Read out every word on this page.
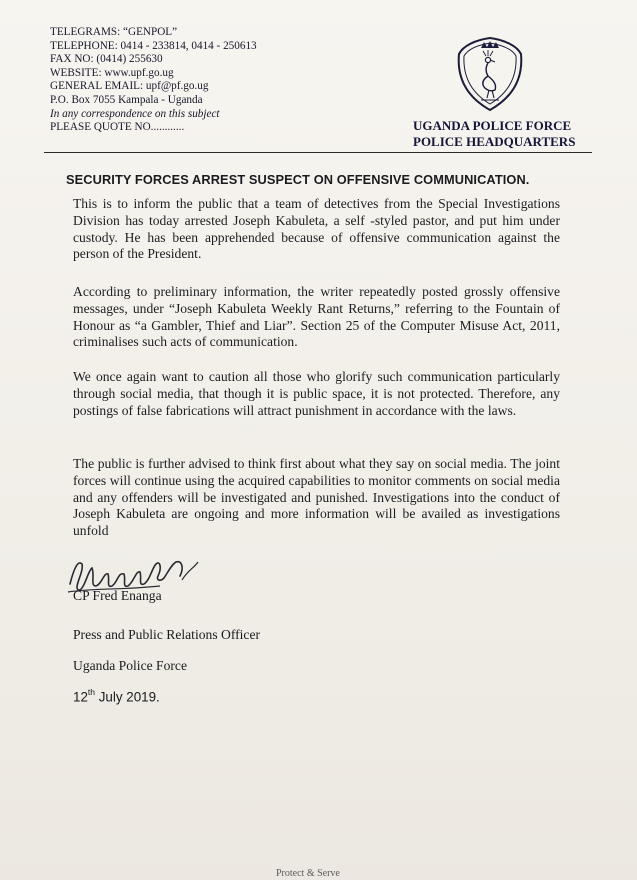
TELEGRAMS: “GENPOL”
TELEPHONE: 0414 - 233814, 0414 - 250613
FAX NO: (0414) 255630
WEBSITE: www.upf.go.ug
GENERAL EMAIL: upf@pf.go.ug
P.O. Box 7055 Kampala - Uganda
In any correspondence on this subject
PLEASE QUOTE NO............	UGANDA POLICE FORCE
POLICE HEADQUARTERS
SECURITY FORCES ARREST SUSPECT ON OFFENSIVE COMMUNICATION.
This is to inform the public that a team of detectives from the Special Investigations Division has today arrested Joseph Kabuleta, a self -styled pastor, and put him under custody. He has been apprehended because of offensive communication against the person of the President.
According to preliminary information, the writer repeatedly posted grossly offensive messages, under “Joseph Kabuleta Weekly Rant Returns,” referring to the Fountain of Honour as “a Gambler, Thief and Liar”. Section 25 of the Computer Misuse Act, 2011, criminalises such acts of communication.
We once again want to caution all those who glorify such communication particularly through social media, that though it is public space, it is not protected. Therefore, any postings of false fabrications will attract punishment in accordance with the laws.
The public is further advised to think first about what they say on social media. The joint forces will continue using the acquired capabilities to monitor comments on social media and any offenders will be investigated and punished. Investigations into the conduct of Joseph Kabuleta are ongoing and more information will be availed as investigations unfold
CP Fred Enanga
Press and Public Relations Officer
Uganda Police Force
12th July 2019.
Protect & Serve
